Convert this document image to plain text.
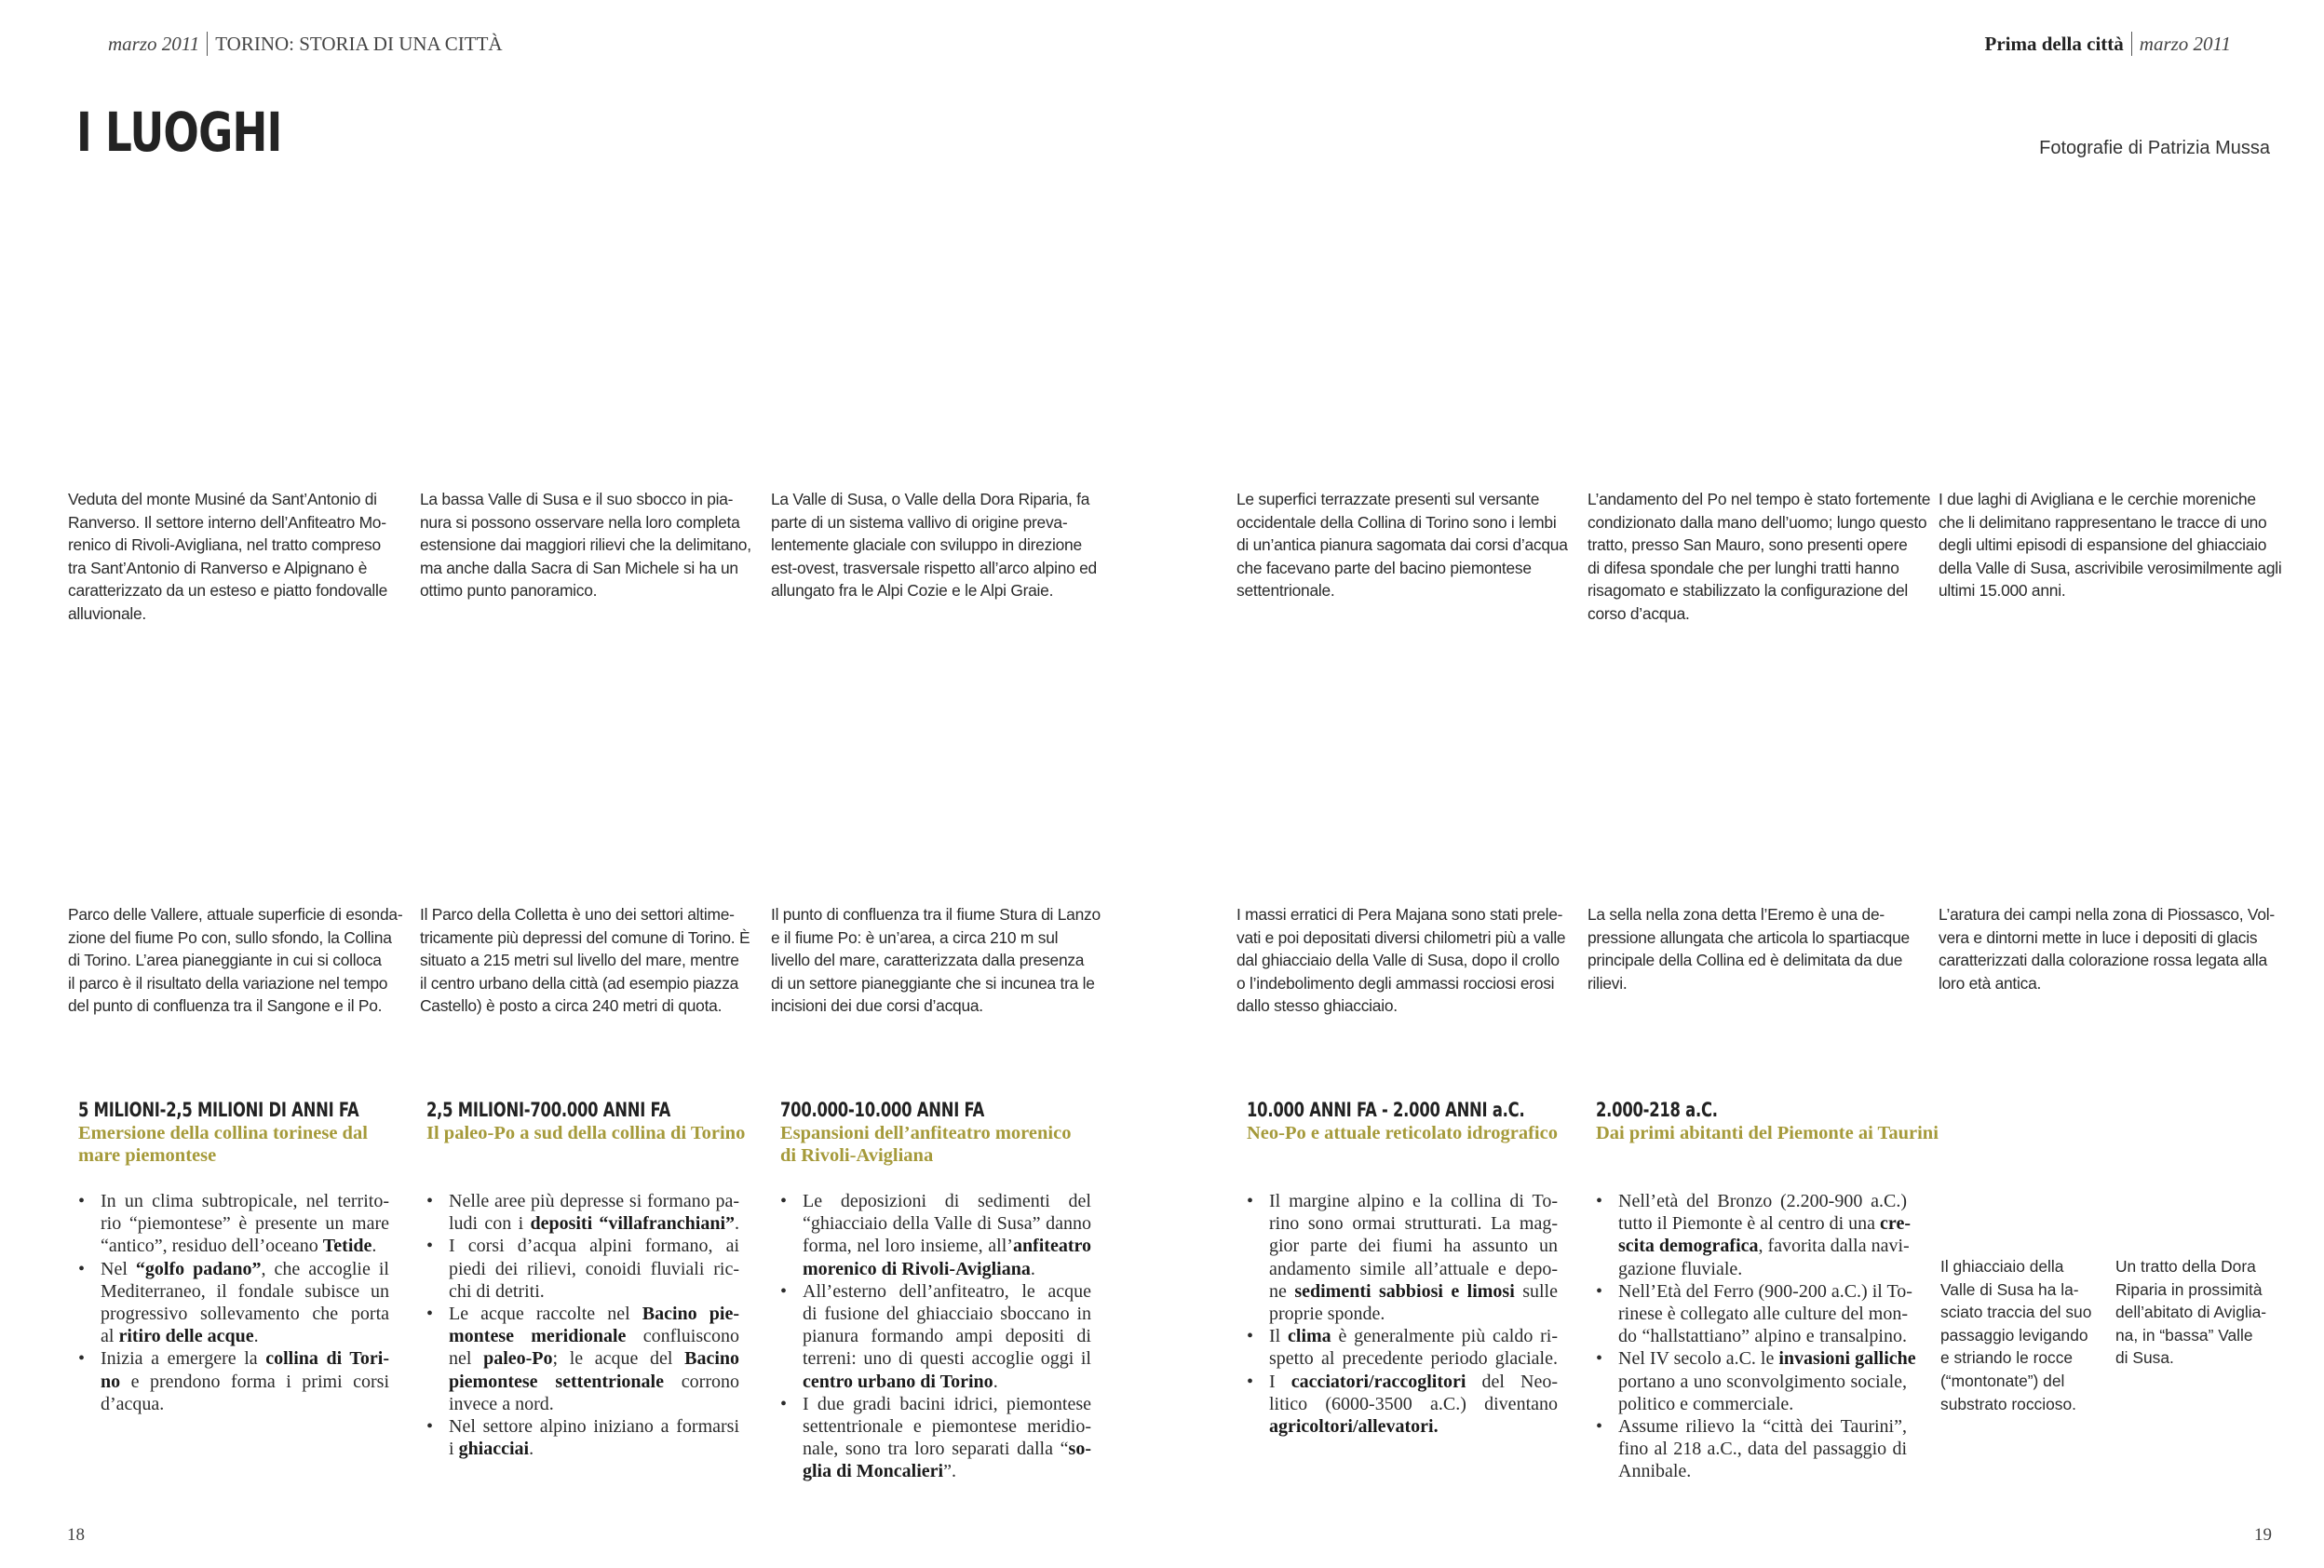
marzo 2011 TORINO: STORIA DI UNA CITTÀ	Prima della città marzo 2011
I LUOGHI	Fotografie di Patrizia Mussa
Veduta del monte Musiné da Sant’Antonio di
Ranverso. Il settore interno dell’Anfiteatro Mo-
renico di Rivoli-Avigliana, nel tratto compreso
tra Sant’Antonio di Ranverso e Alpignano è
caratterizzato da un esteso e piatto fondovalle
alluvionale.
La bassa Valle di Susa e il suo sbocco in pia-
nura si possono osservare nella loro completa
estensione dai maggiori rilievi che la delimitano,
ma anche dalla Sacra di San Michele si ha un
ottimo punto panoramico.
La Valle di Susa, o Valle della Dora Riparia, fa
parte di un sistema vallivo di origine preva-
lentemente glaciale con sviluppo in direzione
est-ovest, trasversale rispetto all’arco alpino ed
allungato fra le Alpi Cozie e le Alpi Graie.
Le superfici terrazzate presenti sul versante
occidentale della Collina di Torino sono i lembi
di un’antica pianura sagomata dai corsi d’acqua
che facevano parte del bacino piemontese
settentrionale.
L’andamento del Po nel tempo è stato fortemente
condizionato dalla mano dell’uomo; lungo questo
tratto, presso San Mauro, sono presenti opere
di difesa spondale che per lunghi tratti hanno
risagomato e stabilizzato la configurazione del
corso d’acqua.
I due laghi di Avigliana e le cerchie moreniche
che li delimitano rappresentano le tracce di uno
degli ultimi episodi di espansione del ghiacciaio
della Valle di Susa, ascrivibile verosimilmente agli
ultimi 15.000 anni.
Parco delle Vallere, attuale superficie di esonda-
zione del fiume Po con, sullo sfondo, la Collina
di Torino. L’area pianeggiante in cui si colloca
il parco è il risultato della variazione nel tempo
del punto di confluenza tra il Sangone e il Po.
Il Parco della Colletta è uno dei settori altime-
tricamente più depressi del comune di Torino. È
situato a 215 metri sul livello del mare, mentre
il centro urbano della città (ad esempio piazza
Castello) è posto a circa 240 metri di quota.
Il punto di confluenza tra il fiume Stura di Lanzo
e il fiume Po: è un’area, a circa 210 m sul
livello del mare, caratterizzata dalla presenza
di un settore pianeggiante che si incunea tra le
incisioni dei due corsi d’acqua.
I massi erratici di Pera Majana sono stati prele-
vati e poi depositati diversi chilometri più a valle
dal ghiacciaio della Valle di Susa, dopo il crollo
o l’indebolimento degli ammassi rocciosi erosi
dallo stesso ghiacciaio.
La sella nella zona detta l’Eremo è una de-
pressione allungata che articola lo spartiacque
principale della Collina ed è delimitata da due
rilievi.
L’aratura dei campi nella zona di Piossasco, Vol-
vera e dintorni mette in luce i depositi di glacis
caratterizzati dalla colorazione rossa legata alla
loro età antica.
5 MILIONI-2,5 MILIONI DI ANNI FA
Emersione della collina torinese dal
mare piemontese
• In un clima subtropicale, nel territo-
rio “piemontese” è presente un mare
“antico”, residuo dell’oceano Tetide.
• Nel “golfo padano”, che accoglie il
Mediterraneo, il fondale subisce un
progressivo sollevamento che porta
al ritiro delle acque.
• Inizia a emergere la collina di Tori-
no e prendono forma i primi corsi
d’acqua.
2,5 MILIONI-700.000 ANNI FA
Il paleo-Po a sud della collina di Torino
• Nelle aree più depresse si formano pa-
ludi con i depositi “villafranchiani”.
• I corsi d’acqua alpini formano, ai
piedi dei rilievi, conoidi fluviali ric-
chi di detriti.
• Le acque raccolte nel Bacino pie-
montese meridionale confluiscono
nel paleo-Po; le acque del Bacino
piemontese settentrionale corrono
invece a nord.
• Nel settore alpino iniziano a formarsi
i ghiacciai.
700.000-10.000 ANNI FA
Espansioni dell’anfiteatro morenico
di Rivoli-Avigliana
• Le deposizioni di sedimenti del
“ghiacciaio della Valle di Susa” danno
forma, nel loro insieme, all’anfiteatro
morenico di Rivoli-Avigliana.
• All’esterno dell’anfiteatro, le acque
di fusione del ghiacciaio sboccano in
pianura formando ampi depositi di
terreni: uno di questi accoglie oggi il
centro urbano di Torino.
• I due gradi bacini idrici, piemontese
settentrionale e piemontese meridio-
nale, sono tra loro separati dalla “so-
glia di Moncalieri”.
10.000 ANNI FA - 2.000 ANNI a.C.
Neo-Po e attuale reticolato idrografico
• Il margine alpino e la collina di To-
rino sono ormai strutturati. La mag-
gior parte dei fiumi ha assunto un
andamento simile all’attuale e depo-
ne sedimenti sabbiosi e limosi sulle
proprie sponde.
• Il clima è generalmente più caldo ri-
spetto al precedente periodo glaciale.
• I cacciatori/raccoglitori del Neo-
litico (6000-3500 a.C.) diventano
agricoltori/allevatori.
2.000-218 a.C.
Dai primi abitanti del Piemonte ai Taurini
• Nell’età del Bronzo (2.200-900 a.C.)
tutto il Piemonte è al centro di una cre-
scita demografica, favorita dalla navi-
gazione fluviale.
• Nell’Età del Ferro (900-200 a.C.) il To-
rinese è collegato alle culture del mon-
do “hallstattiano” alpino e transalpino.
• Nel IV secolo a.C. le invasioni galliche
portano a uno sconvolgimento sociale,
politico e commerciale.
• Assume rilievo la “città dei Taurini”,
fino al 218 a.C., data del passaggio di
Annibale.
Il ghiacciaio della
Valle di Susa ha la-
sciato traccia del suo
passaggio levigando
e striando le rocce
(“montonate”) del
substrato roccioso.
Un tratto della Dora
Riparia in prossimità
dell’abitato di Aviglia-
na, in “bassa” Valle
di Susa.
18	19
